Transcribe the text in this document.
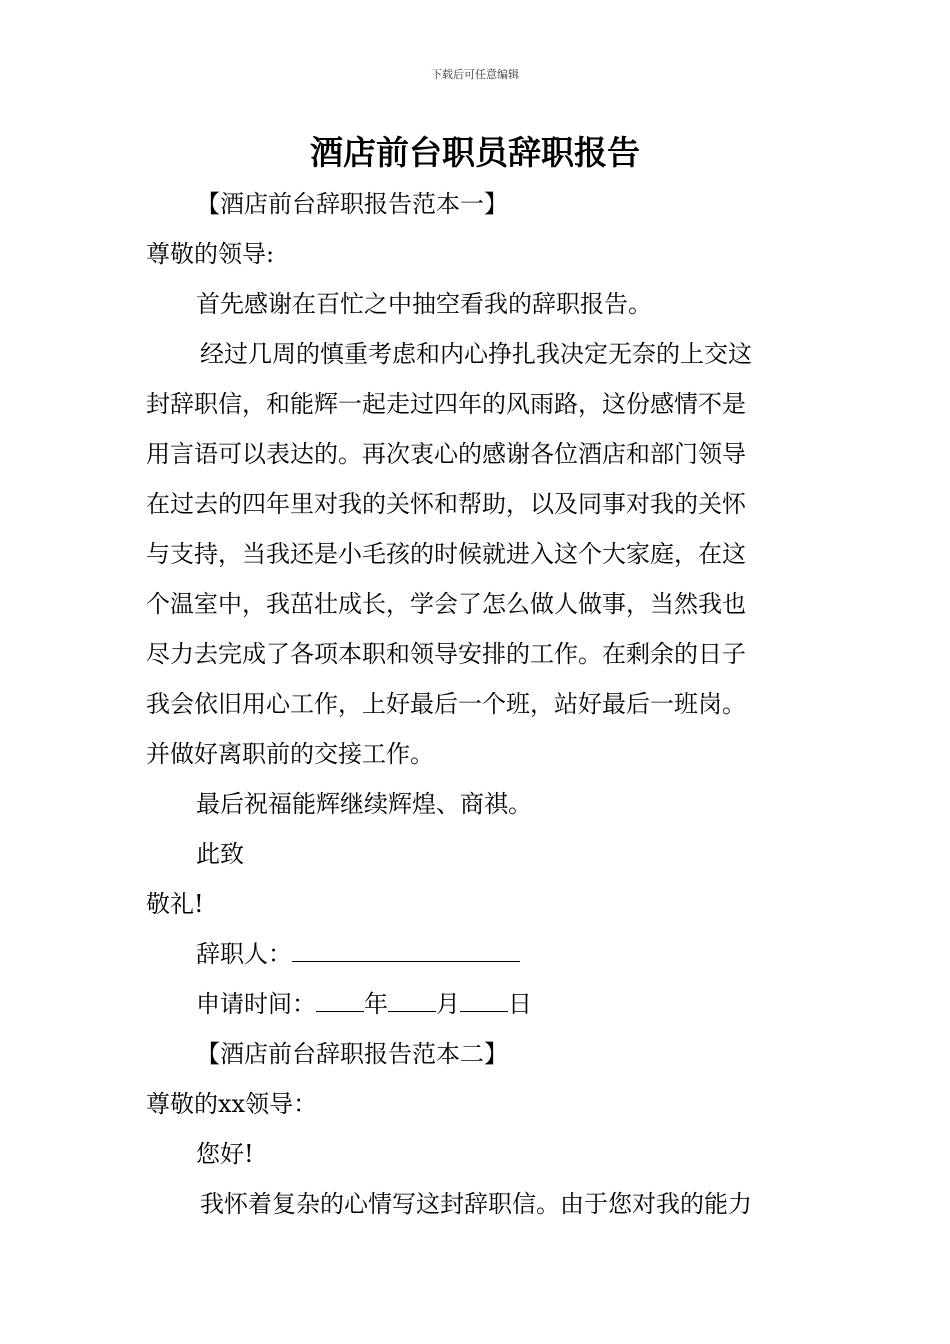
下载后可任意编辑
酒店前台职员辞职报告
【酒店前台辞职报告范本一】
尊敬的领导:
首先感谢在百忙之中抽空看我的辞职报告。
经过几周的慎重考虑和内心挣扎我决定无奈的上交这
封辞职信，和能辉一起走过四年的风雨路，这份感情不是
用言语可以表达的。再次衷心的感谢各位酒店和部门领导
在过去的四年里对我的关怀和帮助，以及同事对我的关怀
与支持，当我还是小毛孩的时候就进入这个大家庭，在这
个温室中，我茁壮成长，学会了怎么做人做事，当然我也
尽力去完成了各项本职和领导安排的工作。在剩余的日子
我会依旧用心工作，上好最后一个班，站好最后一班岗。
并做好离职前的交接工作。
最后祝福能辉继续辉煌、商祺。
此致
敬礼!
辞职人：
申请时间： 年 月 日
【酒店前台辞职报告范本二】
尊敬的xx领导：
您好!
我怀着复杂的心情写这封辞职信。由于您对我的能力
